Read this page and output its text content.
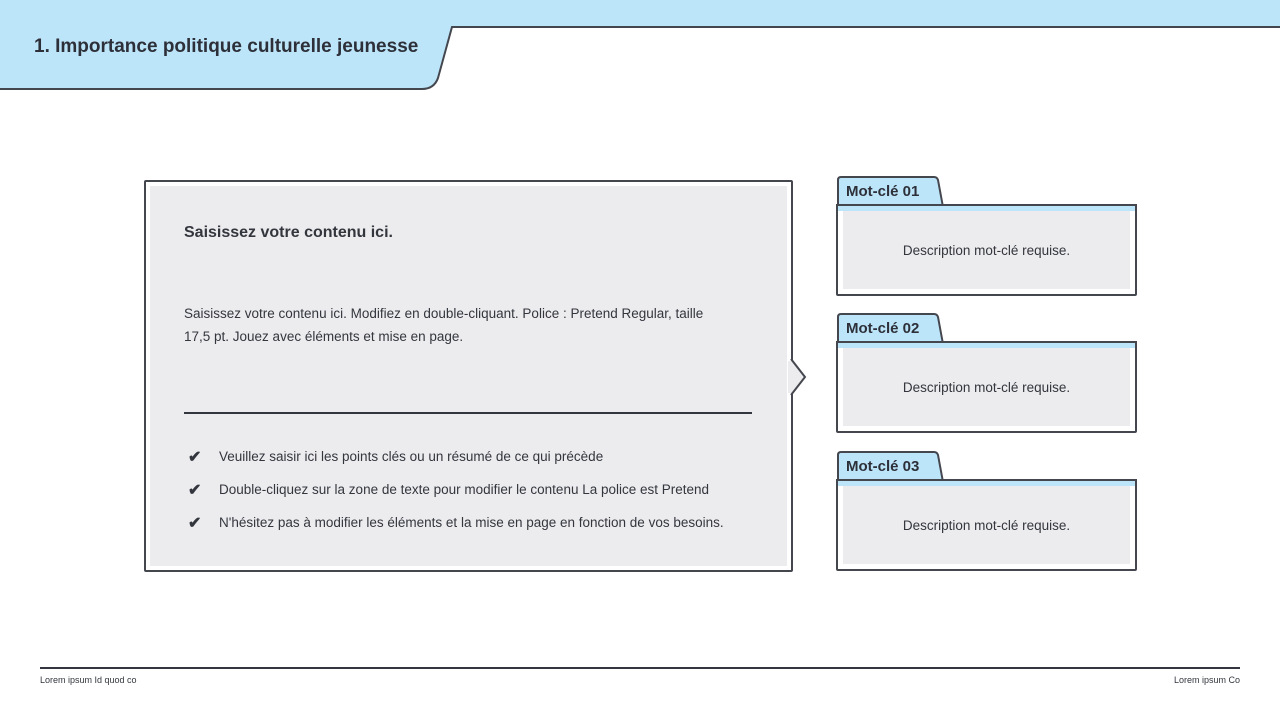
1. Importance politique culturelle jeunesse
Saisissez votre contenu ici.
Saisissez votre contenu ici. Modifiez en double-cliquant. Police : Pretend Regular, taille 17,5 pt. Jouez avec éléments et mise en page.
✔	Veuillez saisir ici les points clés ou un résumé de ce qui précède
✔	Double-cliquez sur la zone de texte pour modifier le contenu La police est Pretend
✔	N'hésitez pas à modifier les éléments et la mise en page en fonction de vos besoins.
Mot-clé 01
Description mot-clé requise.
Mot-clé 02
Description mot-clé requise.
Mot-clé 03
Description mot-clé requise.
Lorem ipsum Id quod co	Lorem ipsum Co
